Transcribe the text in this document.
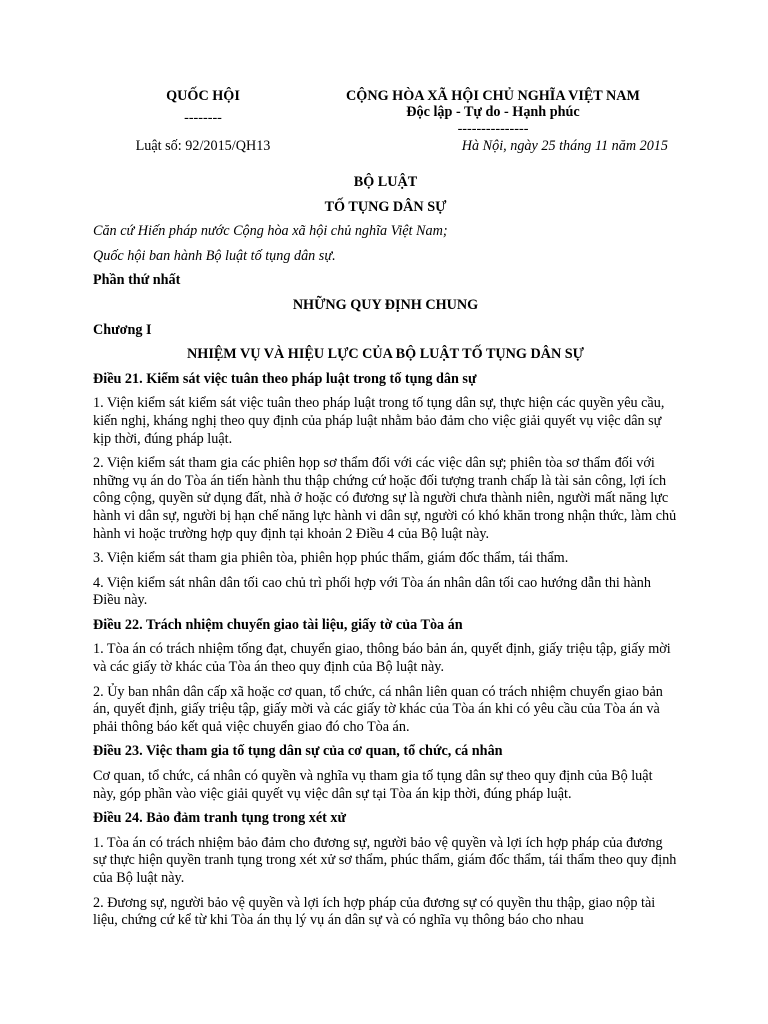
QUỐC HỘI
--------
Luật số: 92/2015/QH13
CỘNG HÒA XÃ HỘI CHỦ NGHĨA VIỆT NAM
Độc lập - Tự do - Hạnh phúc
---------------
Hà Nội, ngày 25 tháng 11 năm 2015

BỘ LUẬT

TỐ TỤNG DÂN SỰ

Căn cứ Hiến pháp nước Cộng hòa xã hội chủ nghĩa Việt Nam;

Quốc hội ban hành Bộ luật tố tụng dân sự.

Phần thứ nhất

NHỮNG QUY ĐỊNH CHUNG

Chương I

NHIỆM VỤ VÀ HIỆU LỰC CỦA BỘ LUẬT TỐ TỤNG DÂN SỰ

Điều 21. Kiểm sát việc tuân theo pháp luật trong tố tụng dân sự

1. Viện kiểm sát kiểm sát việc tuân theo pháp luật trong tố tụng dân sự, thực hiện các quyền yêu cầu, kiến nghị, kháng nghị theo quy định của pháp luật nhằm bảo đảm cho việc giải quyết vụ việc dân sự kịp thời, đúng pháp luật.

2. Viện kiểm sát tham gia các phiên họp sơ thẩm đối với các việc dân sự; phiên tòa sơ thẩm đối với những vụ án do Tòa án tiến hành thu thập chứng cứ hoặc đối tượng tranh chấp là tài sản công, lợi ích công cộng, quyền sử dụng đất, nhà ở hoặc có đương sự là người chưa thành niên, người mất năng lực hành vi dân sự, người bị hạn chế năng lực hành vi dân sự, người có khó khăn trong nhận thức, làm chủ hành vi hoặc trường hợp quy định tại khoản 2 Điều 4 của Bộ luật này.

3. Viện kiểm sát tham gia phiên tòa, phiên họp phúc thẩm, giám đốc thẩm, tái thẩm.

4. Viện kiểm sát nhân dân tối cao chủ trì phối hợp với Tòa án nhân dân tối cao hướng dẫn thi hành Điều này.

Điều 22. Trách nhiệm chuyển giao tài liệu, giấy tờ của Tòa án

1. Tòa án có trách nhiệm tống đạt, chuyển giao, thông báo bản án, quyết định, giấy triệu tập, giấy mời và các giấy tờ khác của Tòa án theo quy định của Bộ luật này.

2. Ủy ban nhân dân cấp xã hoặc cơ quan, tổ chức, cá nhân liên quan có trách nhiệm chuyển giao bản án, quyết định, giấy triệu tập, giấy mời và các giấy tờ khác của Tòa án khi có yêu cầu của Tòa án và phải thông báo kết quả việc chuyển giao đó cho Tòa án.

Điều 23. Việc tham gia tố tụng dân sự của cơ quan, tổ chức, cá nhân

Cơ quan, tổ chức, cá nhân có quyền và nghĩa vụ tham gia tố tụng dân sự theo quy định của Bộ luật này, góp phần vào việc giải quyết vụ việc dân sự tại Tòa án kịp thời, đúng pháp luật.

Điều 24. Bảo đảm tranh tụng trong xét xử

1. Tòa án có trách nhiệm bảo đảm cho đương sự, người bảo vệ quyền và lợi ích hợp pháp của đương sự thực hiện quyền tranh tụng trong xét xử sơ thẩm, phúc thẩm, giám đốc thẩm, tái thẩm theo quy định của Bộ luật này.

2. Đương sự, người bảo vệ quyền và lợi ích hợp pháp của đương sự có quyền thu thập, giao nộp tài liệu, chứng cứ kể từ khi Tòa án thụ lý vụ án dân sự và có nghĩa vụ thông báo cho nhau
